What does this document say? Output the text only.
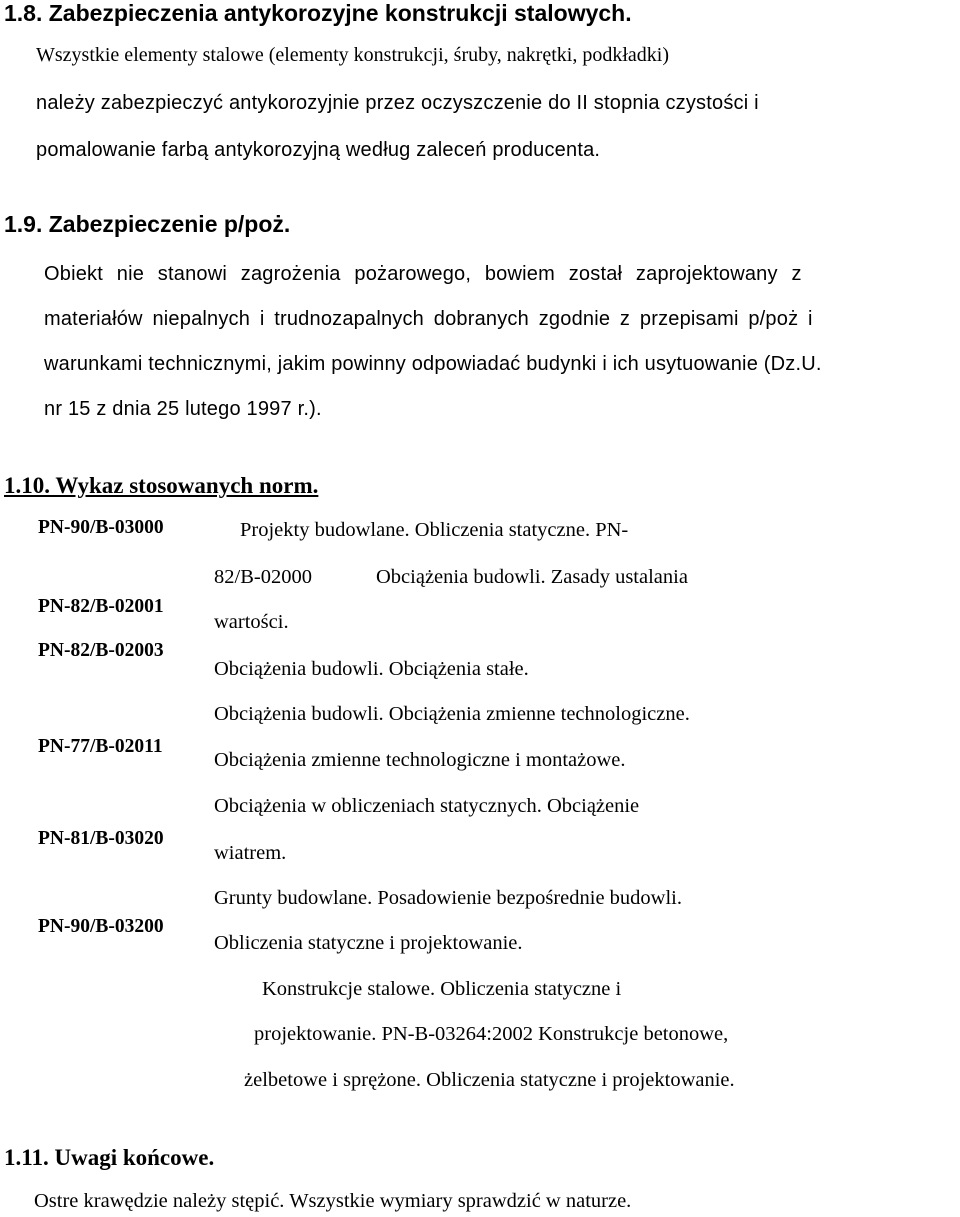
1.8. Zabezpieczenia antykorozyjne konstrukcji stalowych.
Wszystkie elementy stalowe (elementy konstrukcji, śruby, nakrętki, podkładki)
należy zabezpieczyć antykorozyjnie przez oczyszczenie do II stopnia czystości i
pomalowanie farbą antykorozyjną według zaleceń producenta.
1.9. Zabezpieczenie p/poż.
Obiekt nie stanowi zagrożenia pożarowego, bowiem został zaprojektowany z
materiałów niepalnych i trudnozapalnych dobranych zgodnie z przepisami p/poż i
warunkami technicznymi, jakim powinny odpowiadać budynki i ich usytuowanie (Dz.U.
nr 15 z dnia 25 lutego 1997 r.).
1.10. Wykaz stosowanych norm.
PN-90/B-03000
PN-82/B-02001
PN-82/B-02003
PN-77/B-02011
PN-81/B-03020
PN-90/B-03200
Projekty budowlane. Obliczenia statyczne. PN-
82/B-02000	Obciążenia budowli. Zasady ustalania
wartości.
Obciążenia budowli. Obciążenia stałe.
Obciążenia budowli. Obciążenia zmienne technologiczne.
Obciążenia zmienne technologiczne i montażowe.
Obciążenia w obliczeniach statycznych. Obciążenie
wiatrem.
Grunty budowlane. Posadowienie bezpośrednie budowli.
Obliczenia statyczne i projektowanie.
Konstrukcje stalowe. Obliczenia statyczne i
projektowanie. PN-B-03264:2002 Konstrukcje betonowe,
żelbetowe i sprężone. Obliczenia statyczne i projektowanie.
1.11. Uwagi końcowe.
Ostre krawędzie należy stępić. Wszystkie wymiary sprawdzić w naturze.
